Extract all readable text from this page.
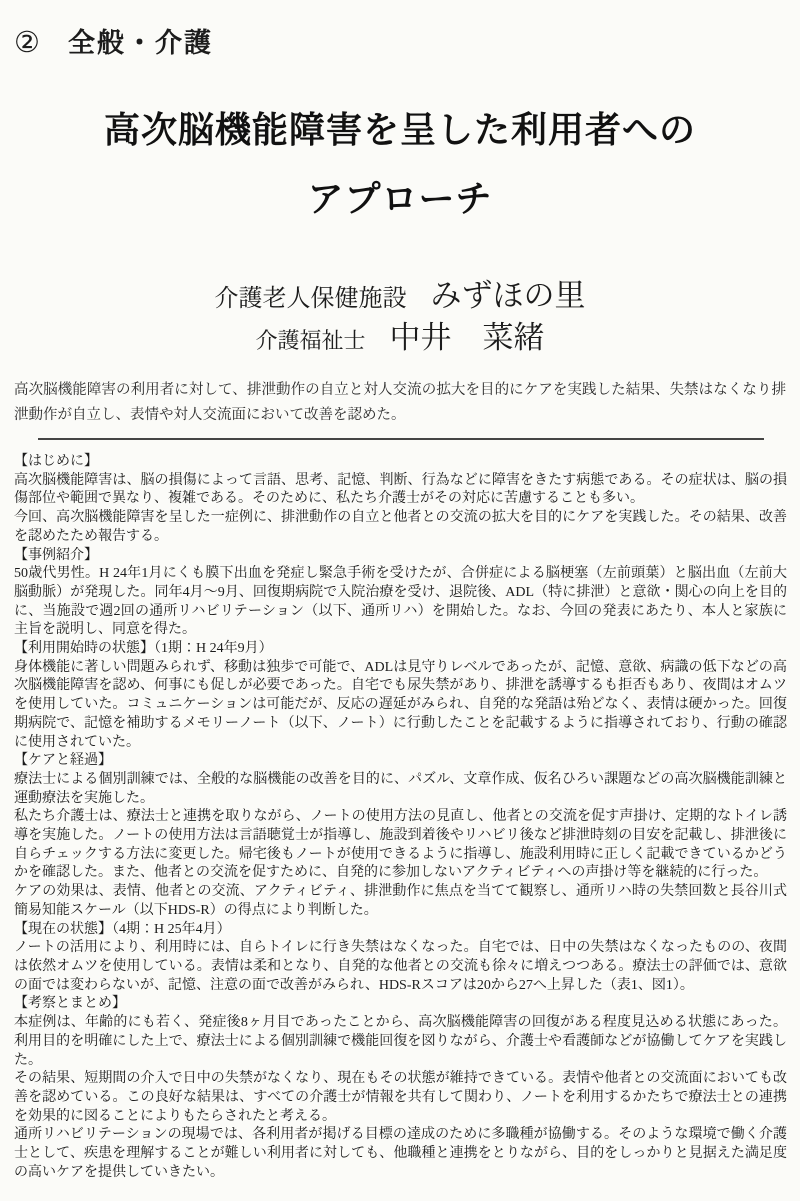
② 全般・介護
高次脳機能障害を呈した利用者への
アプローチ
介護老人保健施設 みずほの里
介護福祉士 中井　菜緒
高次脳機能障害の利用者に対して、排泄動作の自立と対人交流の拡大を目的にケアを実践した結果、失禁はなくなり排泄動作が自立し、表情や対人交流面において改善を認めた。
【はじめに】

高次脳機能障害は、脳の損傷によって言語、思考、記憶、判断、行為などに障害をきたす病態である。その症状は、脳の損傷部位や範囲で異なり、複雑である。そのために、私たち介護士がその対応に苦慮することも多い。

今回、高次脳機能障害を呈した一症例に、排泄動作の自立と他者との交流の拡大を目的にケアを実践した。その結果、改善を認めたため報告する。

【事例紹介】

50歳代男性。H 24年1月にくも膜下出血を発症し緊急手術を受けたが、合併症による脳梗塞（左前頭葉）と脳出血（左前大脳動脈）が発現した。同年4月～9月、回復期病院で入院治療を受け、退院後、ADL（特に排泄）と意欲・関心の向上を目的に、当施設で週2回の通所リハビリテーション（以下、通所リハ）を開始した。なお、今回の発表にあたり、本人と家族に主旨を説明し、同意を得た。

【利用開始時の状態】（1期：H 24年9月）

身体機能に著しい問題みられず、移動は独歩で可能で、ADLは見守りレベルであったが、記憶、意欲、病識の低下などの高次脳機能障害を認め、何事にも促しが必要であった。自宅でも尿失禁があり、排泄を誘導するも拒否もあり、夜間はオムツを使用していた。コミュニケーションは可能だが、反応の遅延がみられ、自発的な発語は殆どなく、表情は硬かった。回復期病院で、記憶を補助するメモリーノート（以下、ノート）に行動したことを記載するように指導されており、行動の確認に使用されていた。

【ケアと経過】

療法士による個別訓練では、全般的な脳機能の改善を目的に、パズル、文章作成、仮名ひろい課題などの高次脳機能訓練と運動療法を実施した。

私たち介護士は、療法士と連携を取りながら、ノートの使用方法の見直し、他者との交流を促す声掛け、定期的なトイレ誘導を実施した。ノートの使用方法は言語聴覚士が指導し、施設到着後やリハビリ後など排泄時刻の目安を記載し、排泄後に自らチェックする方法に変更した。帰宅後もノートが使用できるように指導し、施設利用時に正しく記載できているかどうかを確認した。また、他者との交流を促すために、自発的に参加しないアクティビティへの声掛け等を継続的に行った。

ケアの効果は、表情、他者との交流、アクティビティ、排泄動作に焦点を当てて観察し、通所リハ時の失禁回数と長谷川式簡易知能スケール（以下HDS-R）の得点により判断した。

【現在の状態】（4期：H 25年4月）

ノートの活用により、利用時には、自らトイレに行き失禁はなくなった。自宅では、日中の失禁はなくなったものの、夜間は依然オムツを使用している。表情は柔和となり、自発的な他者との交流も徐々に増えつつある。療法士の評価では、意欲の面では変わらないが、記憶、注意の面で改善がみられ、HDS-Rスコアは20から27へ上昇した（表1、図1）。

【考察とまとめ】

本症例は、年齢的にも若く、発症後8ヶ月目であったことから、高次脳機能障害の回復がある程度見込める状態にあった。利用目的を明確にした上で、療法士による個別訓練で機能回復を図りながら、介護士や看護師などが協働してケアを実践した。

その結果、短期間の介入で日中の失禁がなくなり、現在もその状態が維持できている。表情や他者との交流面においても改善を認めている。この良好な結果は、すべての介護士が情報を共有して関わり、ノートを利用するかたちで療法士との連携を効果的に図ることによりもたらされたと考える。

通所リハビリテーションの現場では、各利用者が掲げる目標の達成のために多職種が協働する。そのような環境で働く介護士として、疾患を理解することが難しい利用者に対しても、他職種と連携をとりながら、目的をしっかりと見据えた満足度の高いケアを提供していきたい。
